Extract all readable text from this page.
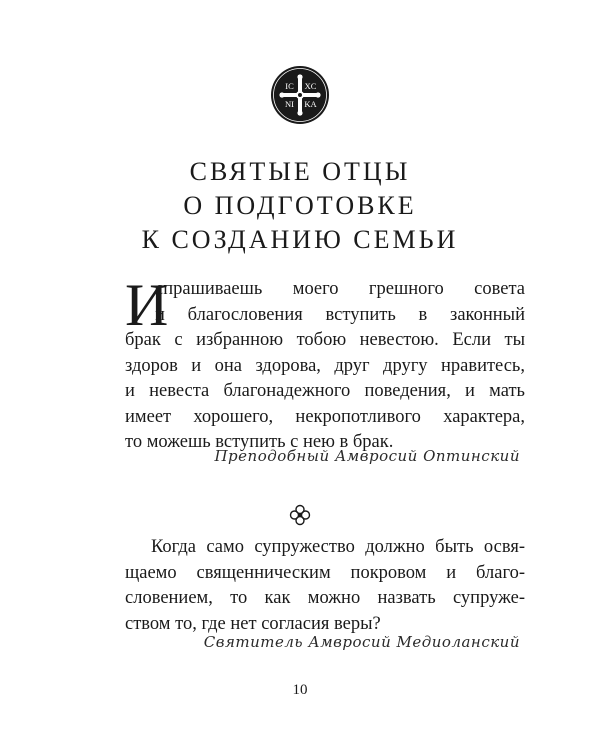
IC XC
NI KA
СВЯТЫЕ ОТЦЫ
О ПОДГОТОВКЕ
К СОЗДАНИЮ СЕМЬИ
И

спрашиваешь моего грешного совета
и благословения вступить в законный
брак с избранною тобою невестою. Если ты
здоров и она здорова, друг другу нравитесь,
и невеста благонадежного поведения, и мать
имеет хорошего, некропотливого характера,
то можешь вступить с нею в брак.

Преподобный Амвросий Оптинский

Когда само супружество должно быть освя-
щаемо священническим покровом и благо-
словением, то как можно назвать супруже-
ством то, где нет согласия веры?

Святитель Амвросий Медиоланский
10
